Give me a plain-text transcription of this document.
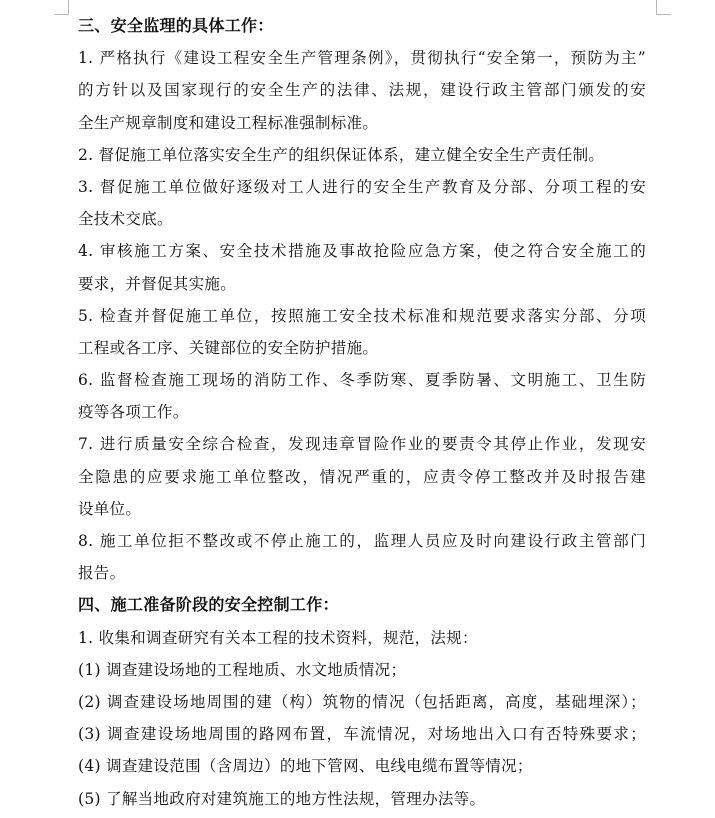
三、安全监理的具体工作：
1. 严格执行《建设工程安全生产管理条例》，贯彻执行“安全第一，预防为主”
的方针以及国家现行的安全生产的法律、法规，建设行政主管部门颁发的安
全生产规章制度和建设工程标准强制标准。
2. 督促施工单位落实安全生产的组织保证体系，建立健全安全生产责任制。
3. 督促施工单位做好逐级对工人进行的安全生产教育及分部、分项工程的安
全技术交底。
4. 审核施工方案、安全技术措施及事故抢险应急方案，使之符合安全施工的
要求，并督促其实施。
5. 检查并督促施工单位，按照施工安全技术标准和规范要求落实分部、分项
工程或各工序、关键部位的安全防护措施。
6. 监督检查施工现场的消防工作、冬季防寒、夏季防暑、文明施工、卫生防
疫等各项工作。
7. 进行质量安全综合检查，发现违章冒险作业的要责令其停止作业，发现安
全隐患的应要求施工单位整改，情况严重的，应责令停工整改并及时报告建
设单位。
8. 施工单位拒不整改或不停止施工的，监理人员应及时向建设行政主管部门
报告。
四、施工准备阶段的安全控制工作：
1. 收集和调查研究有关本工程的技术资料，规范，法规：
(1) 调查建设场地的工程地质、水文地质情况；
(2) 调查建设场地周围的建（构）筑物的情况（包括距离，高度，基础埋深）；
(3) 调查建设场地周围的路网布置，车流情况，对场地出入口有否特殊要求；
(4) 调查建设范围（含周边）的地下管网、电线电缆布置等情况；
(5) 了解当地政府对建筑施工的地方性法规，管理办法等。
